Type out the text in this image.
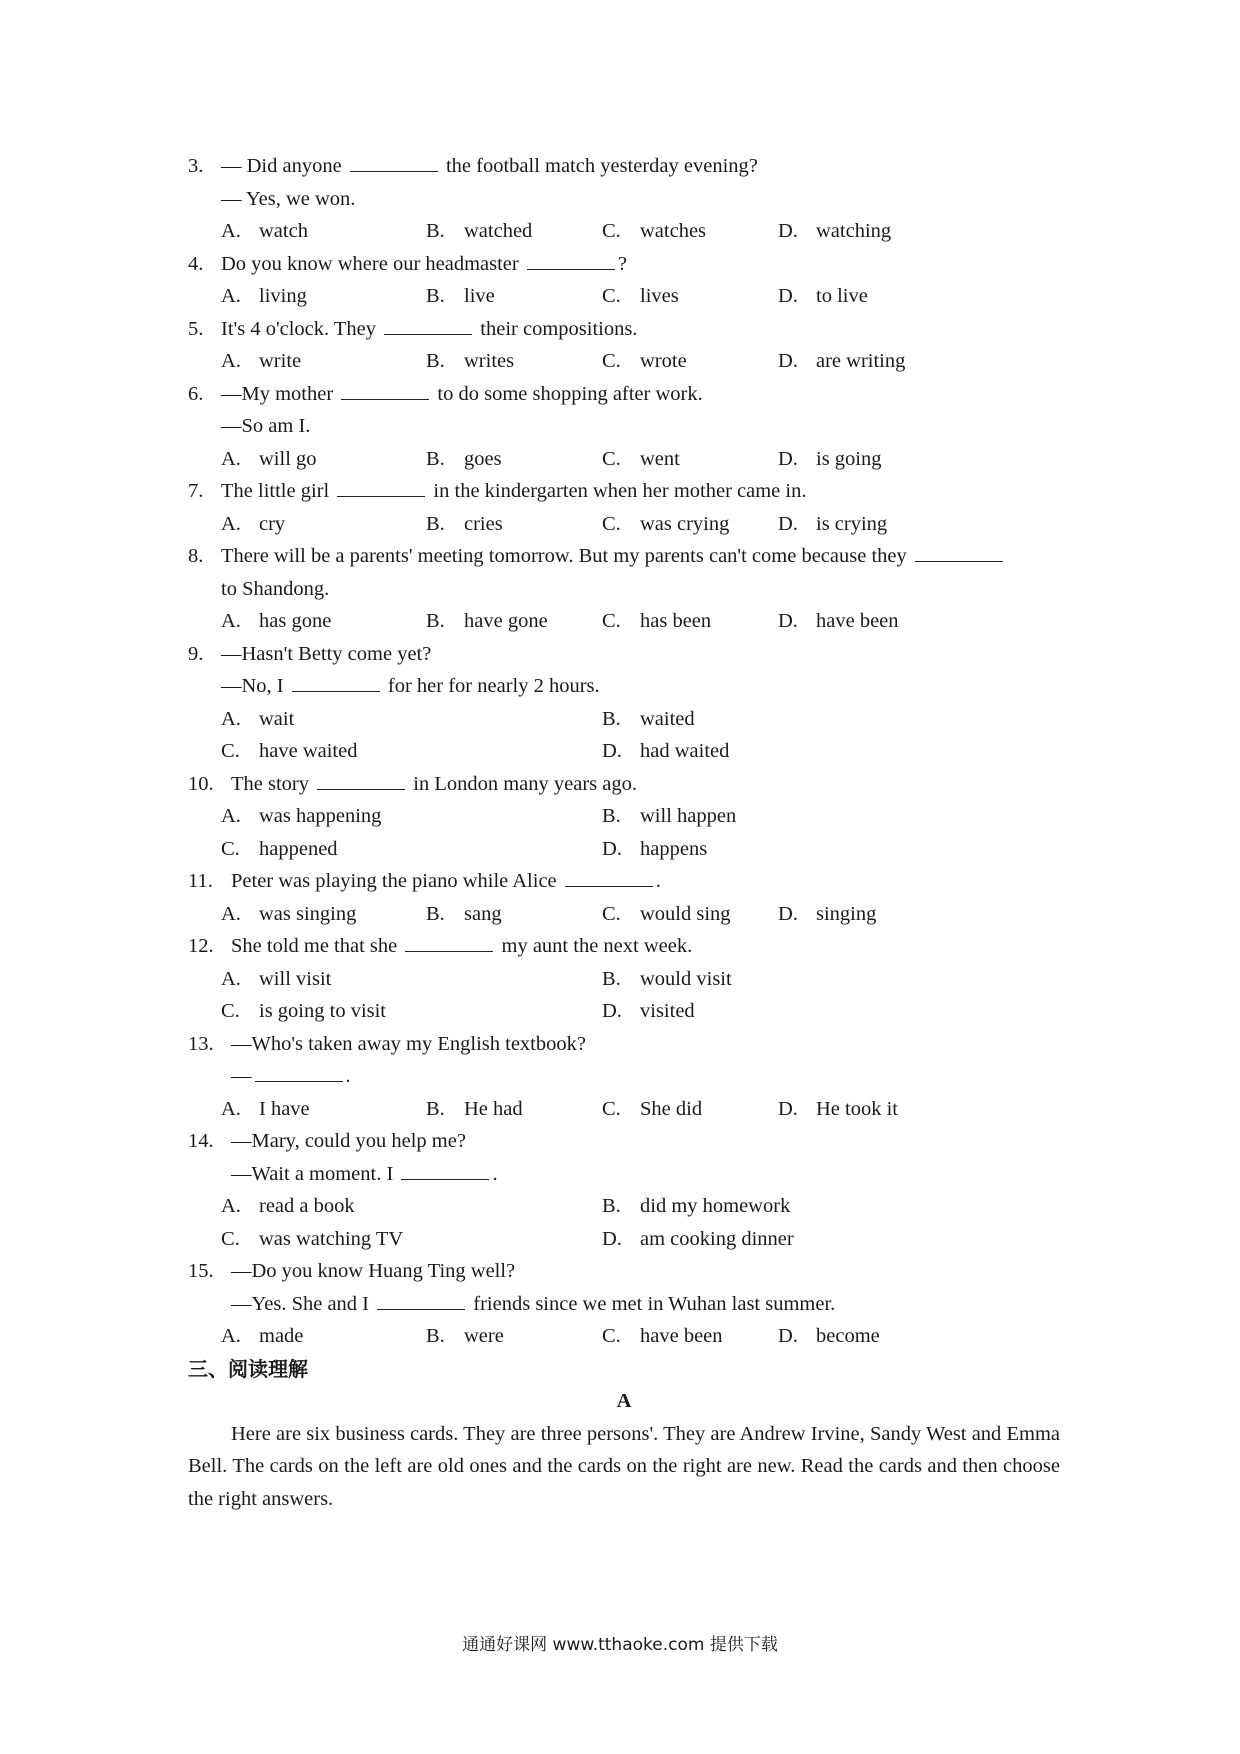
3. — Did anyone	the football match yesterday evening?
— Yes, we won.
A. watch	B. watched	C. watches	D. watching
4. Do you know where our headmaster	?
A. living	B. live	C. lives	D. to live
5. It's 4 o'clock. They	their compositions.
A. write	B. writes	C. wrote	D. are writing
6. —My mother	to do some shopping after work.
—So am I.
A. will go	B. goes	C. went	D. is going
7. The little girl	in the kindergarten when her mother came in.
A. cry	B. cries	C. was crying D. is crying
8. There will be a parents' meeting tomorrow. But my parents can't come because they
to Shandong.
A. has gone	B. have gone	C. has been	D. have been
9. —Hasn't Betty come yet?
—No, I	for her for nearly 2 hours.
A. wait	B. waited
C. have waited	D. had waited
10. The story	in London many years ago.
A. was happening	B. will happen
C. happened	D. happens
11. Peter was playing the piano while Alice	.
A. was singing	B. sang	C. would sing D. singing
12. She told me that she	my aunt the next week.
A. will visit	B. would visit
C. is going to visit	D. visited
13. —Who's taken away my English textbook?
—	.
A. I have	B. He had	C. She did	D. He took it
14. —Mary, could you help me?
—Wait a moment. I	.
A. read a book	B. did my homework
C. was watching TV	D. am cooking dinner
15. —Do you know Huang Ting well?
—Yes. She and I	friends since we met in Wuhan last summer.
A. made	B. were	C. have been	D. become
三、阅读理解
A
Here are six business cards. They are three persons'. They are Andrew Irvine, Sandy West and Emma Bell. The cards on the left are old ones and the cards on the right are new. Read the cards and then choose the right answers.
通通好课网 www.tthaoke.com 提供下载
